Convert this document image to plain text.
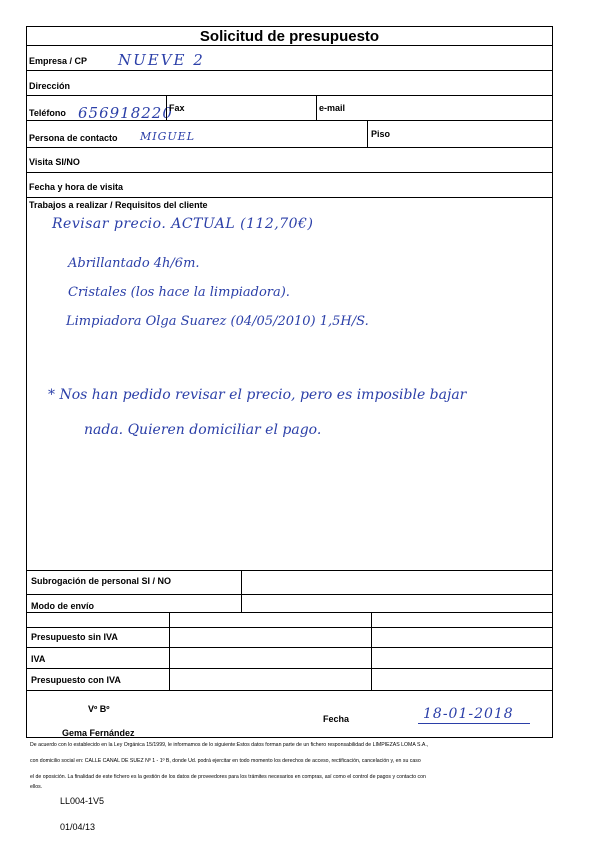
Solicitud de presupuesto
Empresa / CP NUEVE 2
Dirección
Teléfono 656918220
Fax	e-mail
Persona de contacto MIGUEL	Piso
Visita SI/NO
Fecha y hora de visita
Trabajos a realizar / Requisitos del cliente
Revisar precio. ACTUAL (112,70€)
Abrillantado 4h/6m.
Cristales (los hace la limpiadora).
Limpiadora Olga Suarez (04/05/2010) 1,5H/S.
* Nos han pedido revisar el precio, pero es imposible bajar
nada. Quieren domiciliar el pago.
Subrogación de personal SI / NO
Modo de envío
Presupuesto sin IVA
IVA
Presupuesto con IVA
Vº Bº
Gema Fernández
Fecha	18-01-2018
De acuerdo con lo establecido en la Ley Orgánica 15/1999, le informamos de lo siguiente:Estos datos forman parte de un fichero responsabilidad de LIMPIEZAS LOMA S.A.,
con domicilio social en: CALLE CANAL DE SUEZ Nº 1 - 1º B, donde Ud. podrá ejercitar en todo momento los derechos de acceso, rectificación, cancelación y, en su caso
el de oposición. La finalidad de este fichero es la gestión de los datos de proveedores para los trámites necesarios en compras, así como el control de pagos y contacto con
ellos.
LL004-1V5
01/04/13
